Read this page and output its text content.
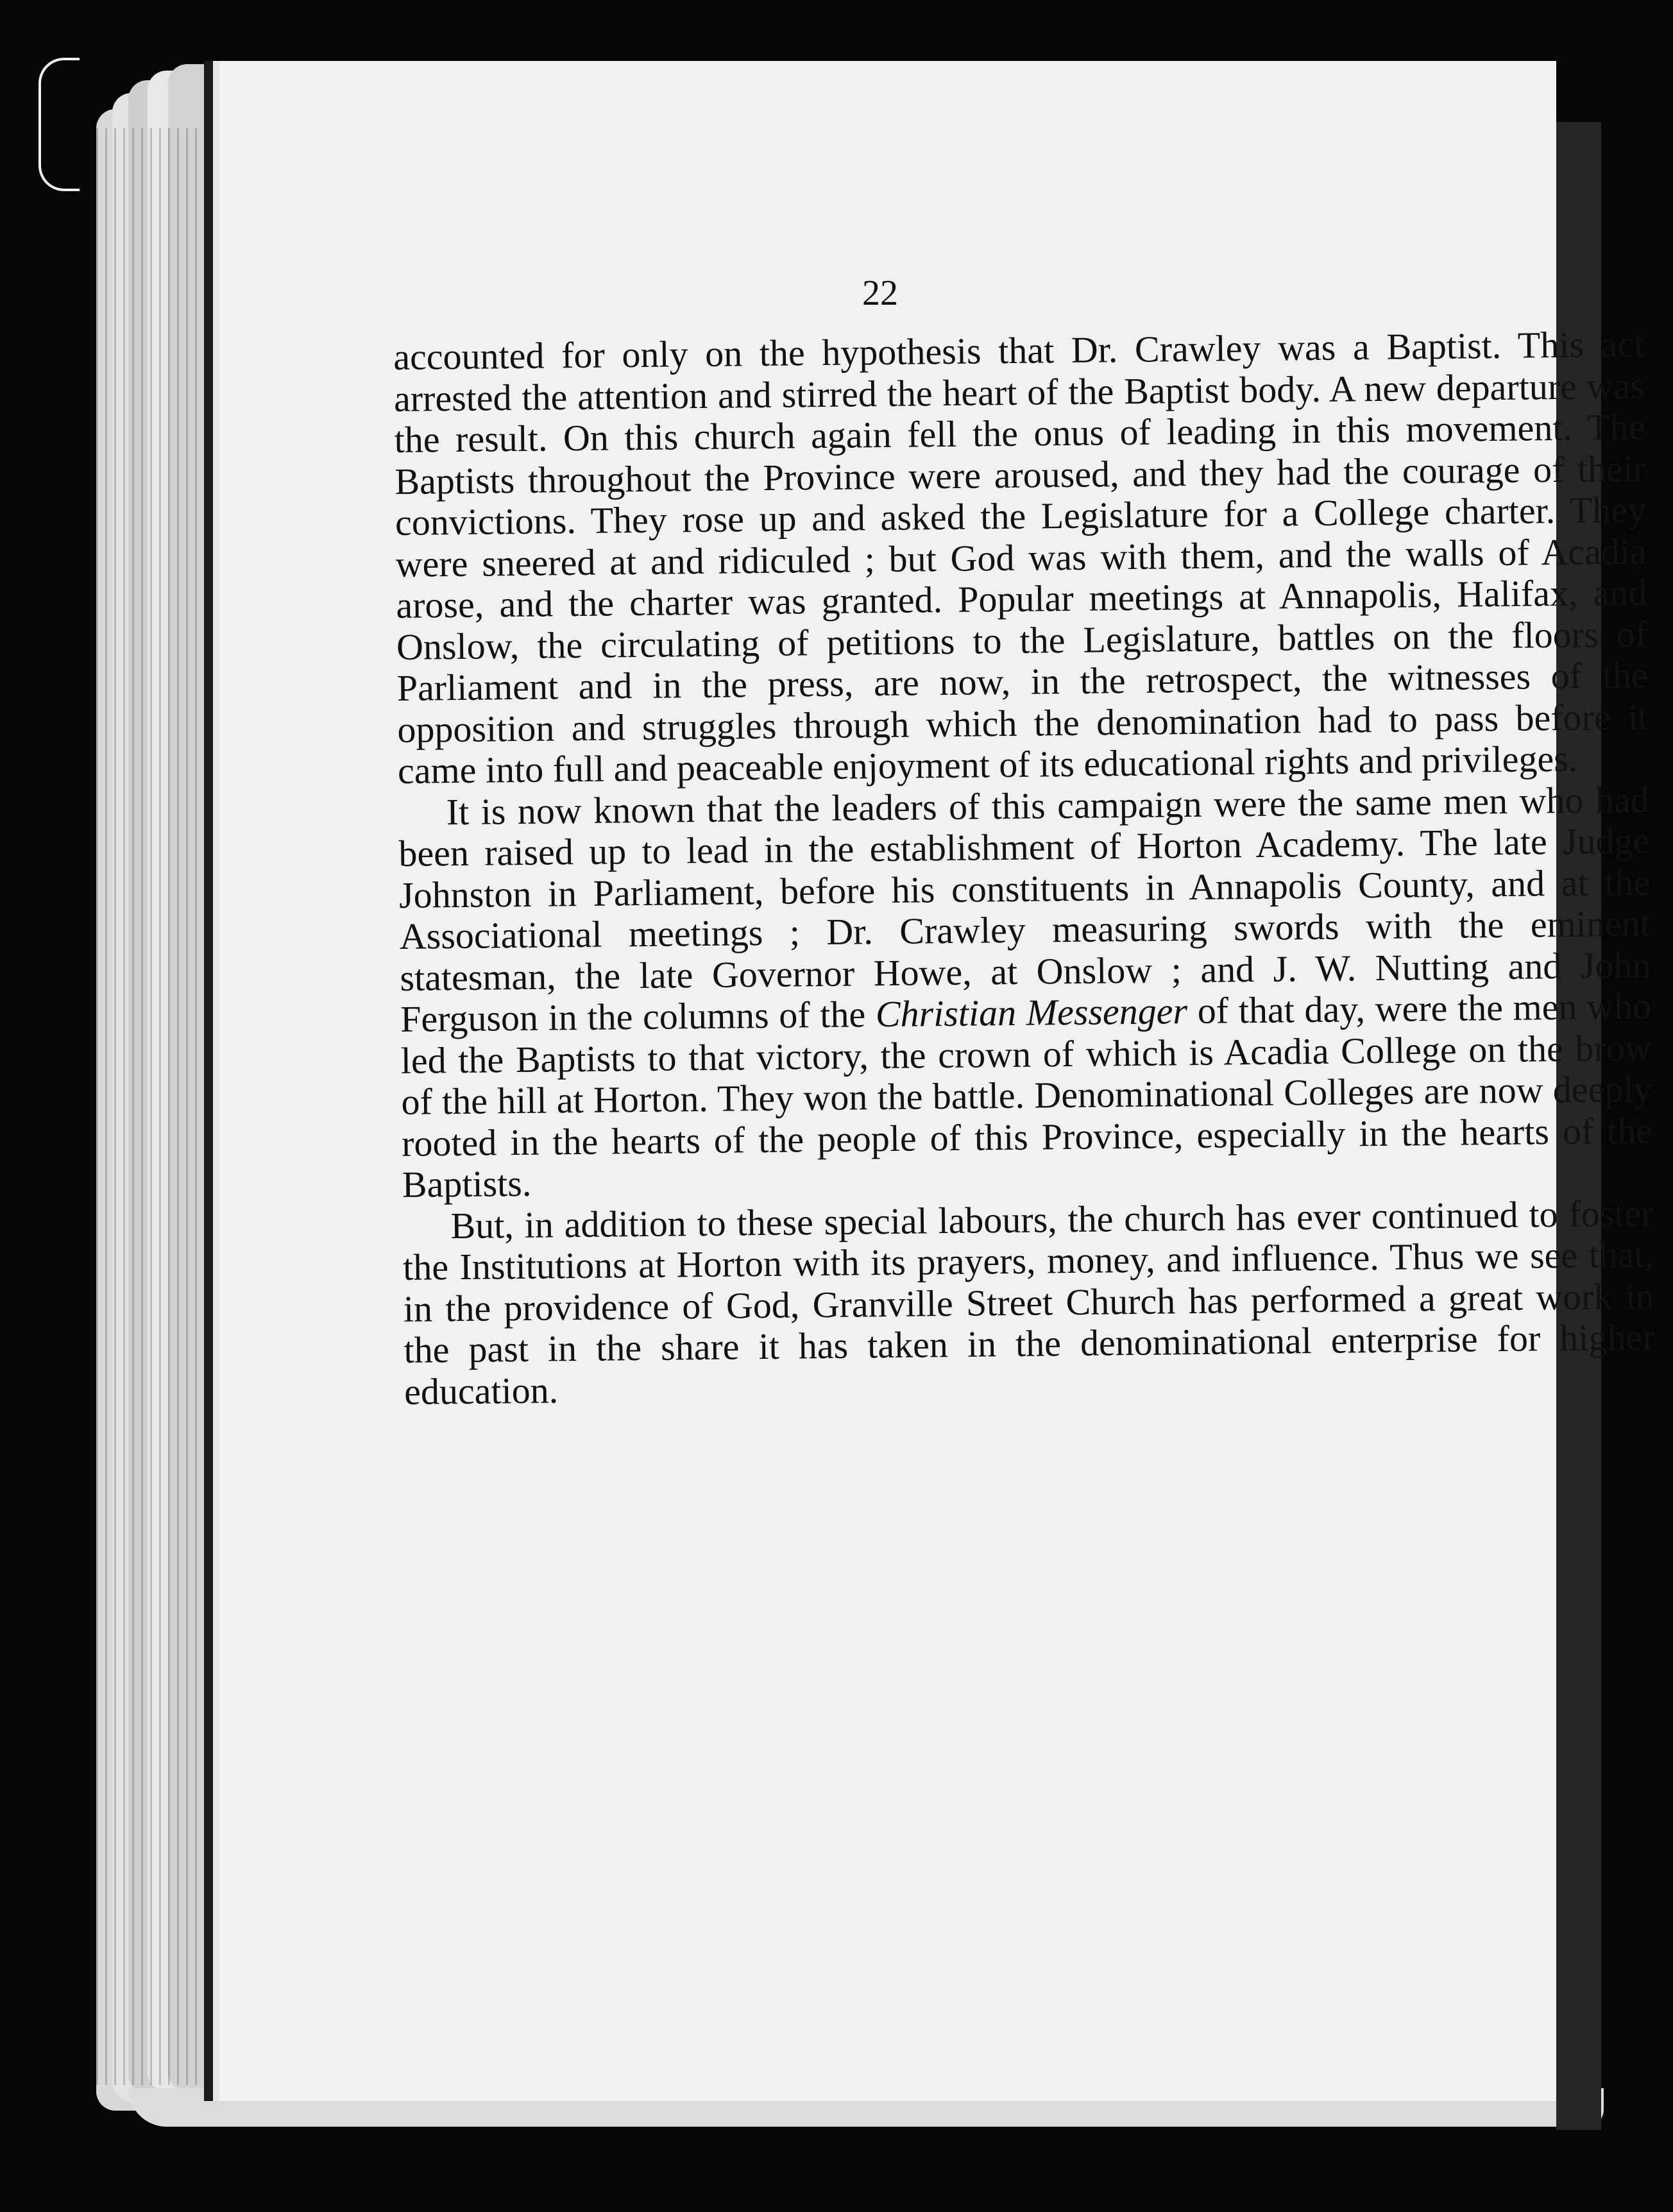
22

accounted for only on the hypothesis that Dr. Crawley was a Baptist. This act arrested the attention and stirred the heart of the Baptist body. A new departure was the result. On this church again fell the onus of leading in this movement. The Baptists throughout the Province were aroused, and they had the courage of their convictions. They rose up and asked the Legislature for a College charter. They were sneered at and ridiculed ; but God was with them, and the walls of Acadia arose, and the charter was granted. Popular meetings at Annapolis, Halifax, and Onslow, the circulating of petitions to the Legislature, battles on the floors of Parliament and in the press, are now, in the retrospect, the witnesses of the opposition and struggles through which the denomination had to pass before it came into full and peaceable enjoyment of its educational rights and privileges.

It is now known that the leaders of this campaign were the same men who had been raised up to lead in the establishment of Horton Academy. The late Judge Johnston in Parliament, before his constituents in Annapolis County, and at the Associational meetings ; Dr. Crawley measuring swords with the eminent statesman, the late Governor Howe, at Onslow ; and J. W. Nutting and John Ferguson in the columns of the Christian Messenger of that day, were the men who led the Baptists to that victory, the crown of which is Acadia College on the brow of the hill at Horton. They won the battle. Denominational Colleges are now deeply rooted in the hearts of the people of this Province, especially in the hearts of the Baptists.

But, in addition to these special labours, the church has ever continued to foster the Institutions at Horton with its prayers, money, and influence. Thus we see that, in the providence of God, Granville Street Church has performed a great work in the past in the share it has taken in the denominational enterprise for higher education.
